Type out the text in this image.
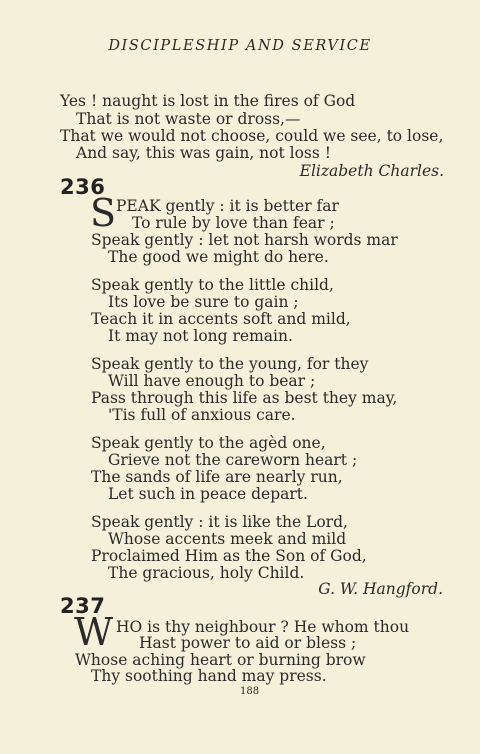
DISCIPLESHIP AND SERVICE
Yes ! naught is lost in the fires of God
That is not waste or dross,—
That we would not choose, could we see, to lose,
And say, this was gain, not loss !
Elizabeth Charles.
236
S PEAK gently : it is better far
To rule by love than fear ;
Speak gently : let not harsh words mar
The good we might do here.
Speak gently to the little child,
Its love be sure to gain ;
Teach it in accents soft and mild,
It may not long remain.
Speak gently to the young, for they
Will have enough to bear ;
Pass through this life as best they may,
'Tis full of anxious care.
Speak gently to the agèd one,
Grieve not the careworn heart ;
The sands of life are nearly run,
Let such in peace depart.
Speak gently : it is like the Lord,
Whose accents meek and mild
Proclaimed Him as the Son of God,
The gracious, holy Child.
G. W. Hangford.
237
W HO is thy neighbour ? He whom thou
Hast power to aid or bless ;
Whose aching heart or burning brow
Thy soothing hand may press.
188
